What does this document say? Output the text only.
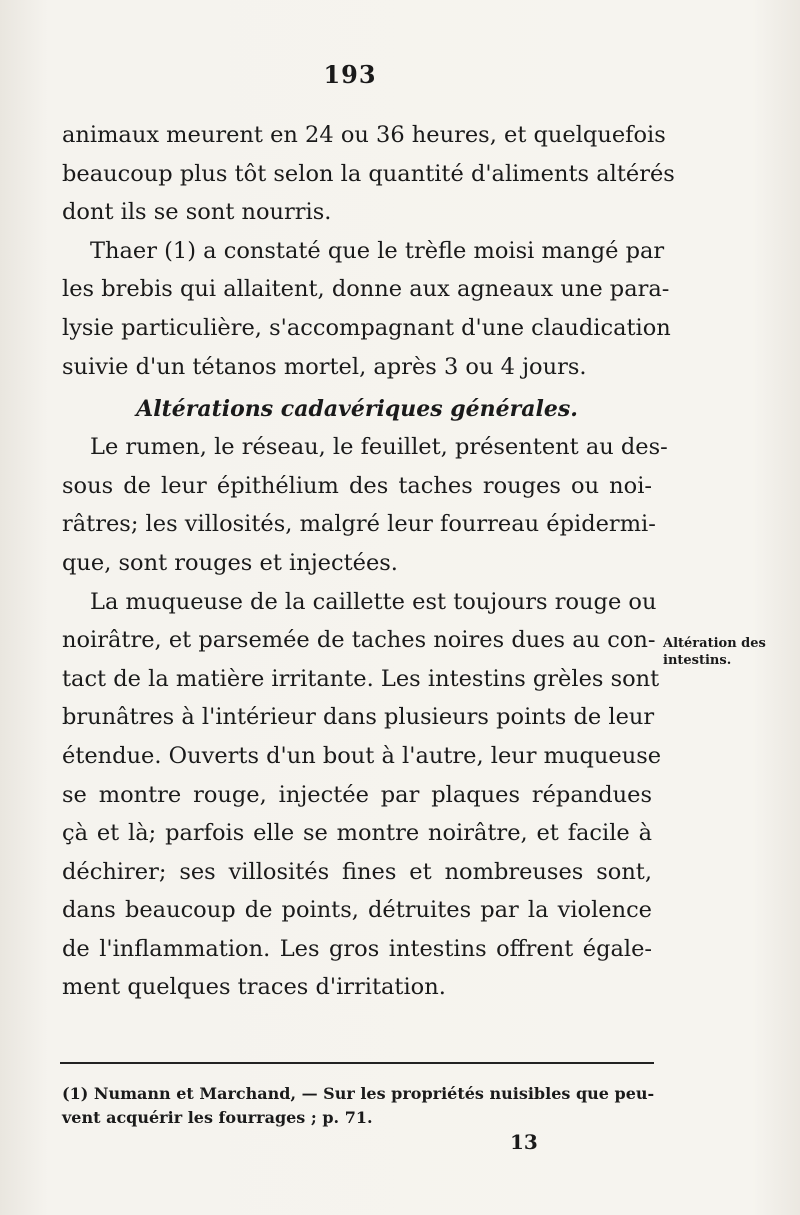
193

animaux meurent en 24 ou 36 heures, et quelquefois
beaucoup plus tôt selon la quantité d'aliments altérés
dont ils se sont nourris.

Thaer (1) a constaté que le trèfle moisi mangé par
les brebis qui allaitent, donne aux agneaux une para-
lysie particulière, s'accompagnant d'une claudication
suivie d'un tétanos mortel, après 3 ou 4 jours.

Altérations cadavériques générales.

Le rumen, le réseau, le feuillet, présentent au des-
sous de leur épithélium des taches rouges ou noi-
râtres; les villosités, malgré leur fourreau épidermi-
que, sont rouges et injectées.

La muqueuse de la caillette est toujours rouge ou
noirâtre, et parsemée de taches noires dues au con-
tact de la matière irritante. Les intestins grèles sont
brunâtres à l'intérieur dans plusieurs points de leur
étendue. Ouverts d'un bout à l'autre, leur muqueuse
se montre rouge, injectée par plaques répandues
çà et là; parfois elle se montre noirâtre, et facile à
déchirer; ses villosités fines et nombreuses sont,
dans beaucoup de points, détruites par la violence
de l'inflammation. Les gros intestins offrent égale-
ment quelques traces d'irritation.

Altération des
intestins.
(1) Numann et Marchand, — Sur les propriétés nuisibles que peu-
vent acquérir les fourrages ; p. 71.
13
